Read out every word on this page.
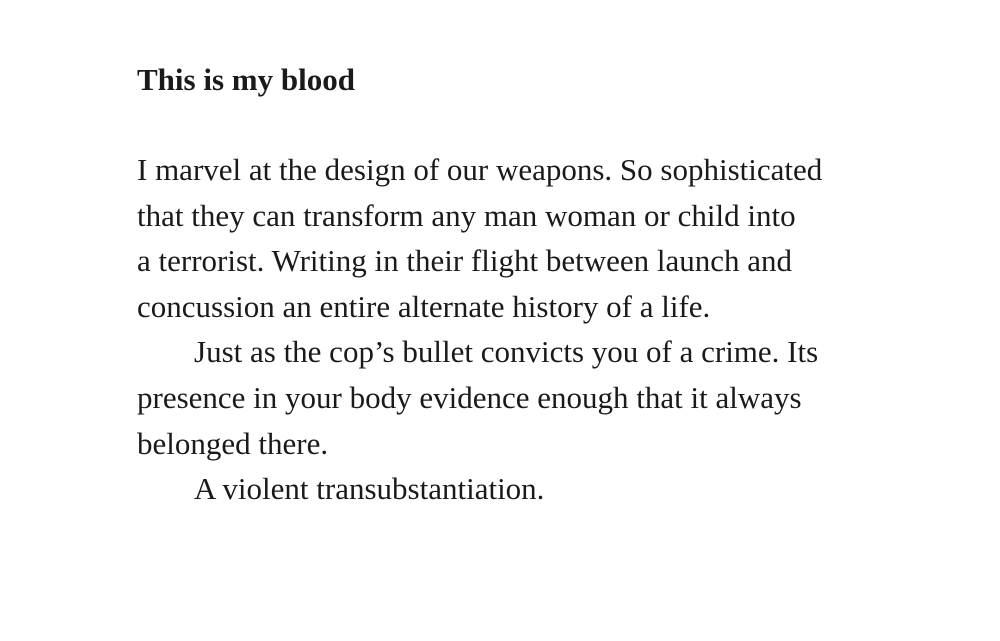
This is my blood
I marvel at the design of our weapons. So sophisticated
that they can transform any man woman or child into
a terrorist. Writing in their flight between launch and
concussion an entire alternate history of a life.
Just as the cop’s bullet convicts you of a crime. Its
presence in your body evidence enough that it always
belonged there.
A violent transubstantiation.
